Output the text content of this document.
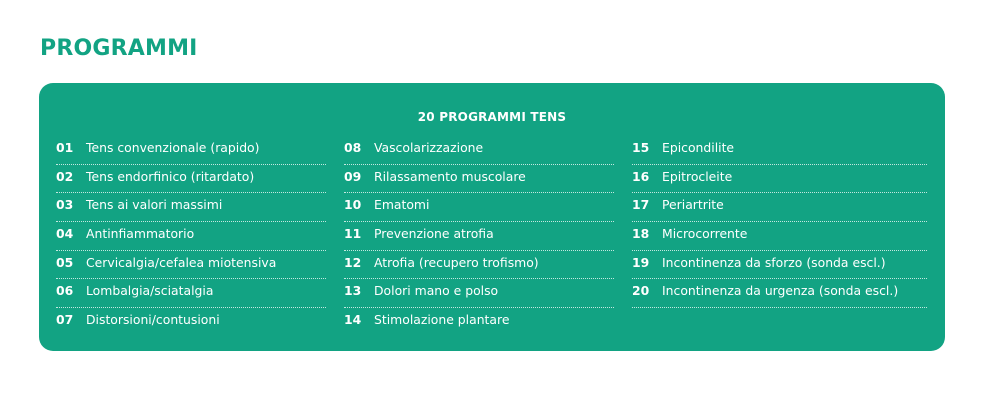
PROGRAMMI
20 PROGRAMMI TENS
01	Tens convenzionale (rapido)
02	Tens endorfinico (ritardato)
03	Tens ai valori massimi
04	Antinfiammatorio
05	Cervicalgia/cefalea miotensiva
06	Lombalgia/sciatalgia
07	Distorsioni/contusioni
08	Vascolarizzazione
09	Rilassamento muscolare
10	Ematomi
11	Prevenzione atrofia
12	Atrofia (recupero trofismo)
13	Dolori mano e polso
14	Stimolazione plantare
15	Epicondilite
16	Epitrocleite
17	Periartrite
18	Microcorrente
19	Incontinenza da sforzo (sonda escl.)
20	Incontinenza da urgenza (sonda escl.)
